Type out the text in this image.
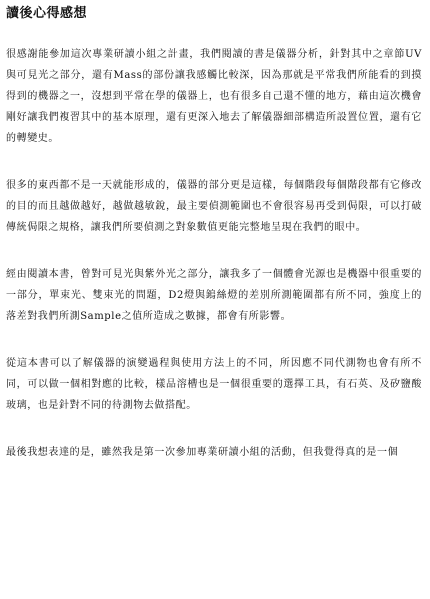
讀後心得感想

很感謝能參加這次專業研讀小組之計畫，我們閱讀的書是儀器分析，針對其中之章節UV與可見光之部分，還有Mass的部份讓我感觸比較深，因為那就是平常我們所能看的到摸得到的機器之一，沒想到平常在學的儀器上，也有很多自己還不懂的地方，藉由這次機會剛好讓我們複習其中的基本原理，還有更深入地去了解儀器細部構造所設置位置，還有它的轉變史。

很多的東西都不是一天就能形成的，儀器的部分更是這樣，每個階段每個階段都有它修改的目的而且越做越好，越做越敏銳，最主要偵測範圍也不會很容易再受到侷限，可以打破傳統侷限之規格，讓我們所要偵測之對象數值更能完整地呈現在我們的眼中。

經由閱讀本書，曾對可見光與紫外光之部分，讓我多了一個體會光源也是機器中很重要的一部分，單束光、雙束光的問題，D2燈與鎢絲燈的差別所測範圍都有所不同，強度上的落差對我們所測Sample之值所造成之數據，都會有所影響。

從這本書可以了解儀器的演變過程與使用方法上的不同，所因應不同代測物也會有所不同，可以做一個相對應的比較，樣品溶槽也是一個很重要的選擇工具，有石英、及矽鹽酸玻璃，也是針對不同的待測物去做搭配。

最後我想表達的是，雖然我是第一次參加專業研讀小組的活動，但我覺得真的是一個
